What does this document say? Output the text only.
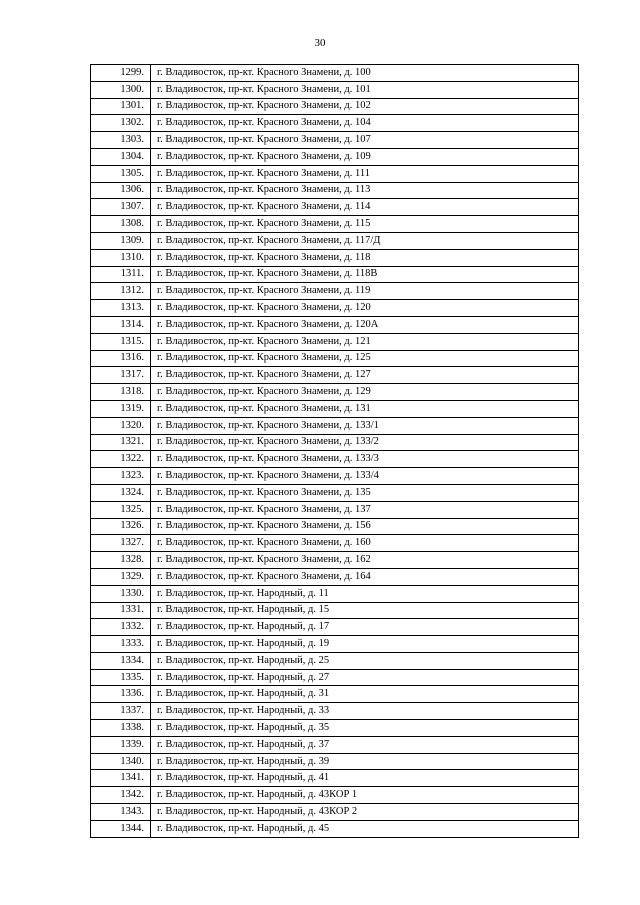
30
1299.	г. Владивосток, пр-кт. Красного Знамени, д. 100
1300.	г. Владивосток, пр-кт. Красного Знамени, д. 101
1301.	г. Владивосток, пр-кт. Красного Знамени, д. 102
1302.	г. Владивосток, пр-кт. Красного Знамени, д. 104
1303.	г. Владивосток, пр-кт. Красного Знамени, д. 107
1304.	г. Владивосток, пр-кт. Красного Знамени, д. 109
1305.	г. Владивосток, пр-кт. Красного Знамени, д. 111
1306.	г. Владивосток, пр-кт. Красного Знамени, д. 113
1307.	г. Владивосток, пр-кт. Красного Знамени, д. 114
1308.	г. Владивосток, пр-кт. Красного Знамени, д. 115
1309.	г. Владивосток, пр-кт. Красного Знамени, д. 117/Д
1310.	г. Владивосток, пр-кт. Красного Знамени, д. 118
1311.	г. Владивосток, пр-кт. Красного Знамени, д. 118В
1312.	г. Владивосток, пр-кт. Красного Знамени, д. 119
1313.	г. Владивосток, пр-кт. Красного Знамени, д. 120
1314.	г. Владивосток, пр-кт. Красного Знамени, д. 120А
1315.	г. Владивосток, пр-кт. Красного Знамени, д. 121
1316.	г. Владивосток, пр-кт. Красного Знамени, д. 125
1317.	г. Владивосток, пр-кт. Красного Знамени, д. 127
1318.	г. Владивосток, пр-кт. Красного Знамени, д. 129
1319.	г. Владивосток, пр-кт. Красного Знамени, д. 131
1320.	г. Владивосток, пр-кт. Красного Знамени, д. 133/1
1321.	г. Владивосток, пр-кт. Красного Знамени, д. 133/2
1322.	г. Владивосток, пр-кт. Красного Знамени, д. 133/3
1323.	г. Владивосток, пр-кт. Красного Знамени, д. 133/4
1324.	г. Владивосток, пр-кт. Красного Знамени, д. 135
1325.	г. Владивосток, пр-кт. Красного Знамени, д. 137
1326.	г. Владивосток, пр-кт. Красного Знамени, д. 156
1327.	г. Владивосток, пр-кт. Красного Знамени, д. 160
1328.	г. Владивосток, пр-кт. Красного Знамени, д. 162
1329.	г. Владивосток, пр-кт. Красного Знамени, д. 164
1330.	г. Владивосток, пр-кт. Народный, д. 11
1331.	г. Владивосток, пр-кт. Народный, д. 15
1332.	г. Владивосток, пр-кт. Народный, д. 17
1333.	г. Владивосток, пр-кт. Народный, д. 19
1334.	г. Владивосток, пр-кт. Народный, д. 25
1335.	г. Владивосток, пр-кт. Народный, д. 27
1336.	г. Владивосток, пр-кт. Народный, д. 31
1337.	г. Владивосток, пр-кт. Народный, д. 33
1338.	г. Владивосток, пр-кт. Народный, д. 35
1339.	г. Владивосток, пр-кт. Народный, д. 37
1340.	г. Владивосток, пр-кт. Народный, д. 39
1341.	г. Владивосток, пр-кт. Народный, д. 41
1342.	г. Владивосток, пр-кт. Народный, д. 43КОР 1
1343.	г. Владивосток, пр-кт. Народный, д. 43КОР 2
1344.	г. Владивосток, пр-кт. Народный, д. 45
